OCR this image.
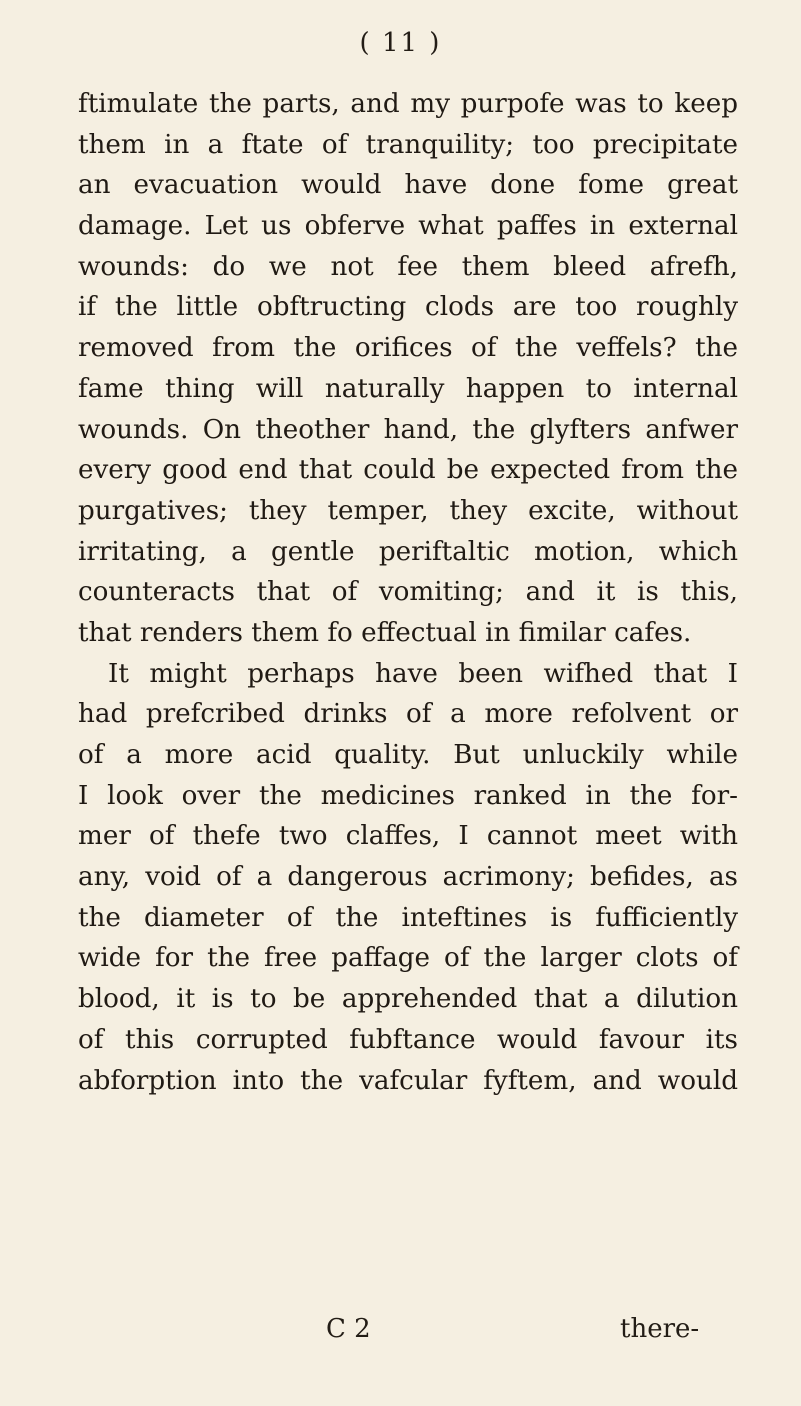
( 11 )
ftimulate the parts, and my purpofe was to keep
them in a ftate of tranquility; too precipitate
an evacuation would have done fome great
damage. Let us obferve what paffes in external
wounds: do we not fee them bleed afrefh,
if the little obftructing clods are too roughly
removed from the orifices of the veffels? the
fame thing will naturally happen to internal
wounds. On theother hand, the glyfters anfwer
every good end that could be expected from the
purgatives; they temper, they excite, without
irritating, a gentle periftaltic motion, which
counteracts that of vomiting; and it is this,
that renders them fo effectual in fimilar cafes.
It might perhaps have been wifhed that I
had prefcribed drinks of a more refolvent or
of a more acid quality. But unluckily while
I look over the medicines ranked in the for-
mer of thefe two claffes, I cannot meet with
any, void of a dangerous acrimony; befides, as
the diameter of the inteftines is fufficiently
wide for the free paffage of the larger clots of
blood, it is to be apprehended that a dilution
of this corrupted fubftance would favour its
abforption into the vafcular fyftem, and would
C 2	there-
